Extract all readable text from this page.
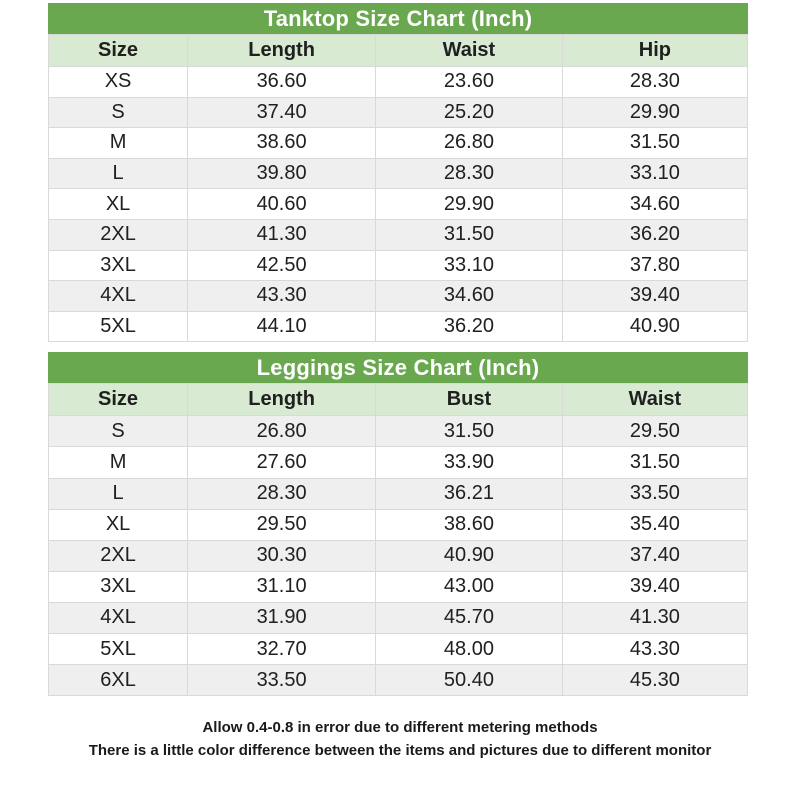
Tanktop Size Chart (Inch)
Size	Length	Waist	Hip
XS	36.60	23.60	28.30
S	37.40	25.20	29.90
M	38.60	26.80	31.50
L	39.80	28.30	33.10
XL	40.60	29.90	34.60
2XL	41.30	31.50	36.20
3XL	42.50	33.10	37.80
4XL	43.30	34.60	39.40
5XL	44.10	36.20	40.90
Leggings Size Chart (Inch)
Size	Length	Bust	Waist
S	26.80	31.50	29.50
M	27.60	33.90	31.50
L	28.30	36.21	33.50
XL	29.50	38.60	35.40
2XL	30.30	40.90	37.40
3XL	31.10	43.00	39.40
4XL	31.90	45.70	41.30
5XL	32.70	48.00	43.30
6XL	33.50	50.40	45.30
Allow 0.4-0.8 in error due to different metering methods
There is a little color difference between the items and pictures due to different monitor
